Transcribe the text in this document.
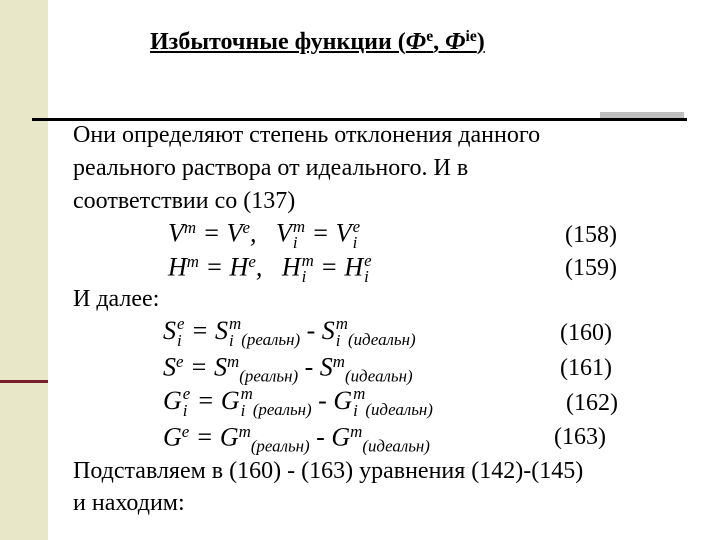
Избыточные функции ($Ф^e$, $Ф^{ie}$)
Они определяют степень отклонения данного
реального раствора от идеального. И в
соответствии со (137)
$V^m = V^e$,   V m
i = V e
i	(158)
$H^m = H^e$,   H m
i = H e
i	(159)
И далее:
S e
i = S m
i $_{(реальн)}$ - S m
i $_{(идеальн)}$	(160)
$S^e = S^m_{(реальн)} - S^m_{(идеальн)}$	(161)
G e
i = G m
i $_{(реальн)}$ - G m
i $_{(идеальн)}$	(162)
$G^e = G^m_{(реальн)} - G^m_{(идеальн)}$	(163)
Подставляем в (160) - (163) уравнения (142)-(145)
и находим:
